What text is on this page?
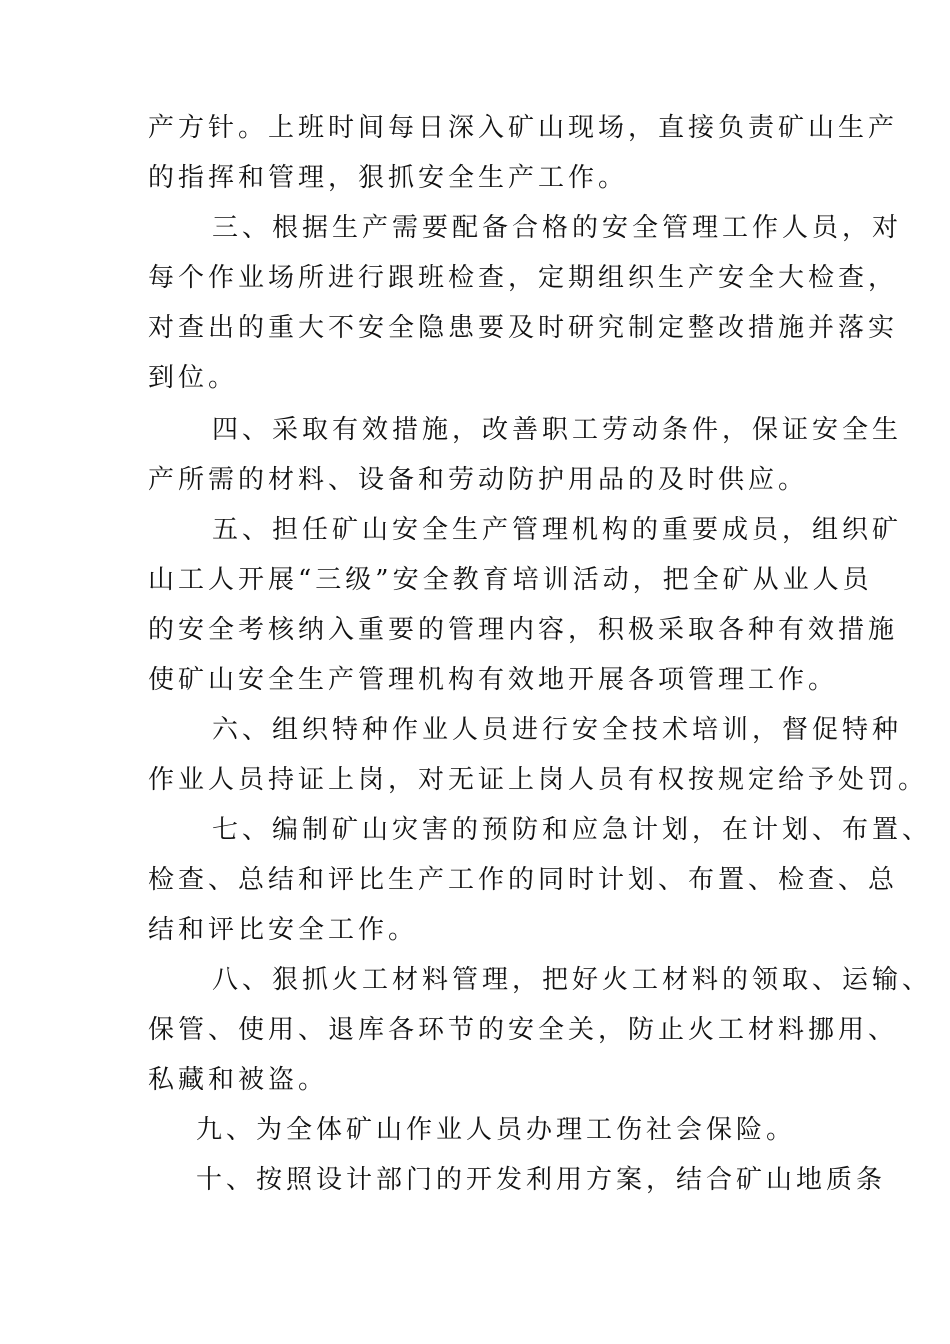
产方针。上班时间每日深入矿山现场，直接负责矿山生产
的指挥和管理，狠抓安全生产工作。
三、根据生产需要配备合格的安全管理工作人员，对
每个作业场所进行跟班检查，定期组织生产安全大检查，
对查出的重大不安全隐患要及时研究制定整改措施并落实
到位。
四、采取有效措施，改善职工劳动条件，保证安全生
产所需的材料、设备和劳动防护用品的及时供应。
五、担任矿山安全生产管理机构的重要成员，组织矿
山工人开展“三级”安全教育培训活动，把全矿从业人员
的安全考核纳入重要的管理内容，积极采取各种有效措施
使矿山安全生产管理机构有效地开展各项管理工作。
六、组织特种作业人员进行安全技术培训，督促特种
作业人员持证上岗，对无证上岗人员有权按规定给予处罚。
七、编制矿山灾害的预防和应急计划，在计划、布置、
检查、总结和评比生产工作的同时计划、布置、检查、总
结和评比安全工作。
八、狠抓火工材料管理，把好火工材料的领取、运输、
保管、使用、退库各环节的安全关，防止火工材料挪用、
私藏和被盗。
九、为全体矿山作业人员办理工伤社会保险。
十、按照设计部门的开发利用方案，结合矿山地质条
